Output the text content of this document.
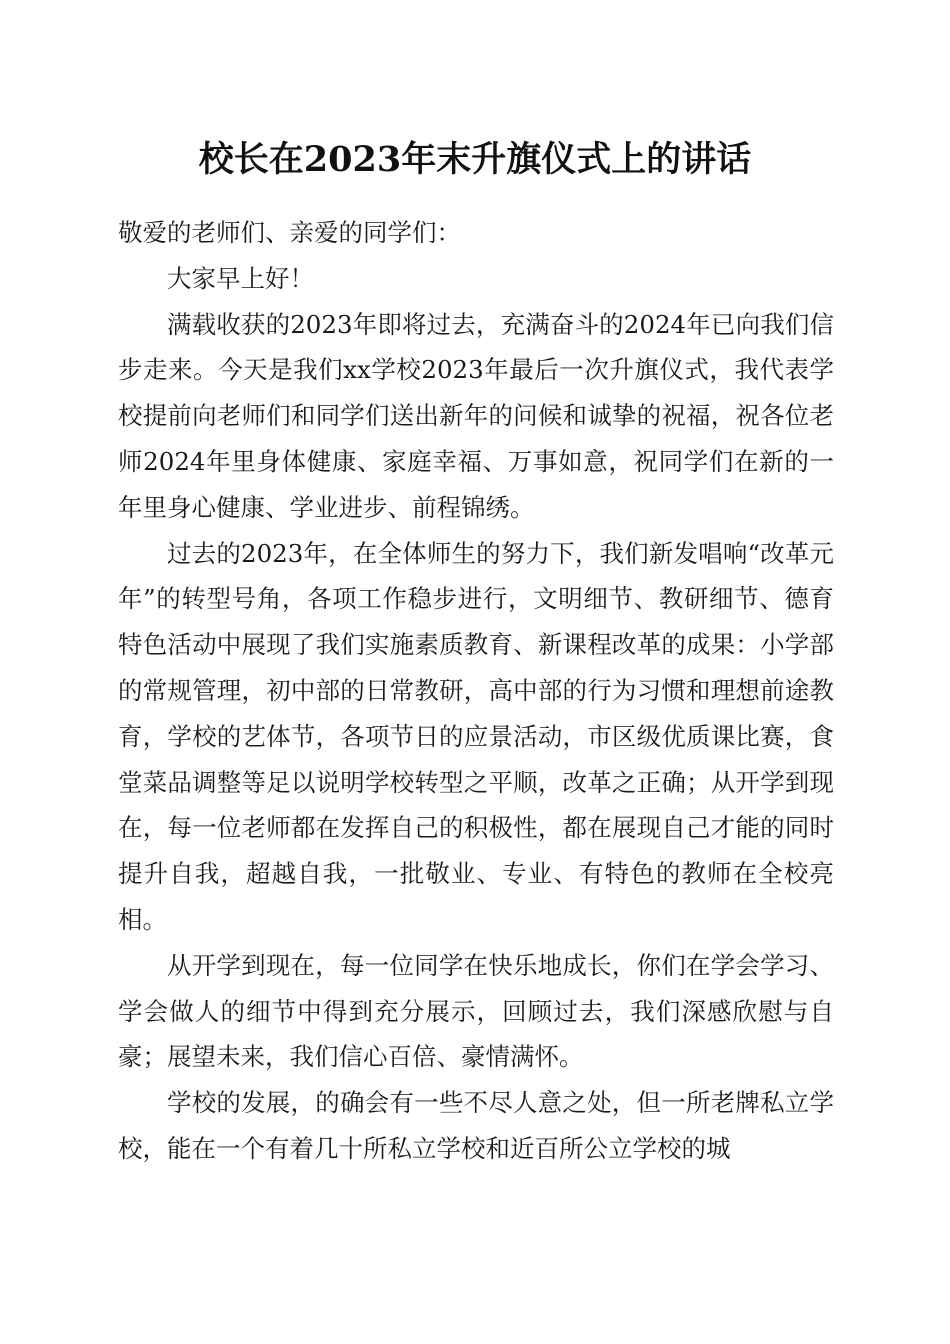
校长在2023年末升旗仪式上的讲话

敬爱的老师们、亲爱的同学们：

大家早上好！

满载收获的2023年即将过去，充满奋斗的2024年已向我们信步走来。今天是我们xx学校2023年最后一次升旗仪式，我代表学校提前向老师们和同学们送出新年的问候和诚挚的祝福，祝各位老师2024年里身体健康、家庭幸福、万事如意，祝同学们在新的一年里身心健康、学业进步、前程锦绣。

过去的2023年，在全体师生的努力下，我们新发唱响“改革元年”的转型号角，各项工作稳步进行，文明细节、教研细节、德育特色活动中展现了我们实施素质教育、新课程改革的成果：小学部的常规管理，初中部的日常教研，高中部的行为习惯和理想前途教育，学校的艺体节，各项节日的应景活动，市区级优质课比赛，食堂菜品调整等足以说明学校转型之平顺，改革之正确；从开学到现在，每一位老师都在发挥自己的积极性，都在展现自己才能的同时提升自我，超越自我，一批敬业、专业、有特色的教师在全校亮相。

从开学到现在，每一位同学在快乐地成长，你们在学会学习、学会做人的细节中得到充分展示，回顾过去，我们深感欣慰与自豪；展望未来，我们信心百倍、豪情满怀。

学校的发展，的确会有一些不尽人意之处，但一所老牌私立学校，能在一个有着几十所私立学校和近百所公立学校的城
